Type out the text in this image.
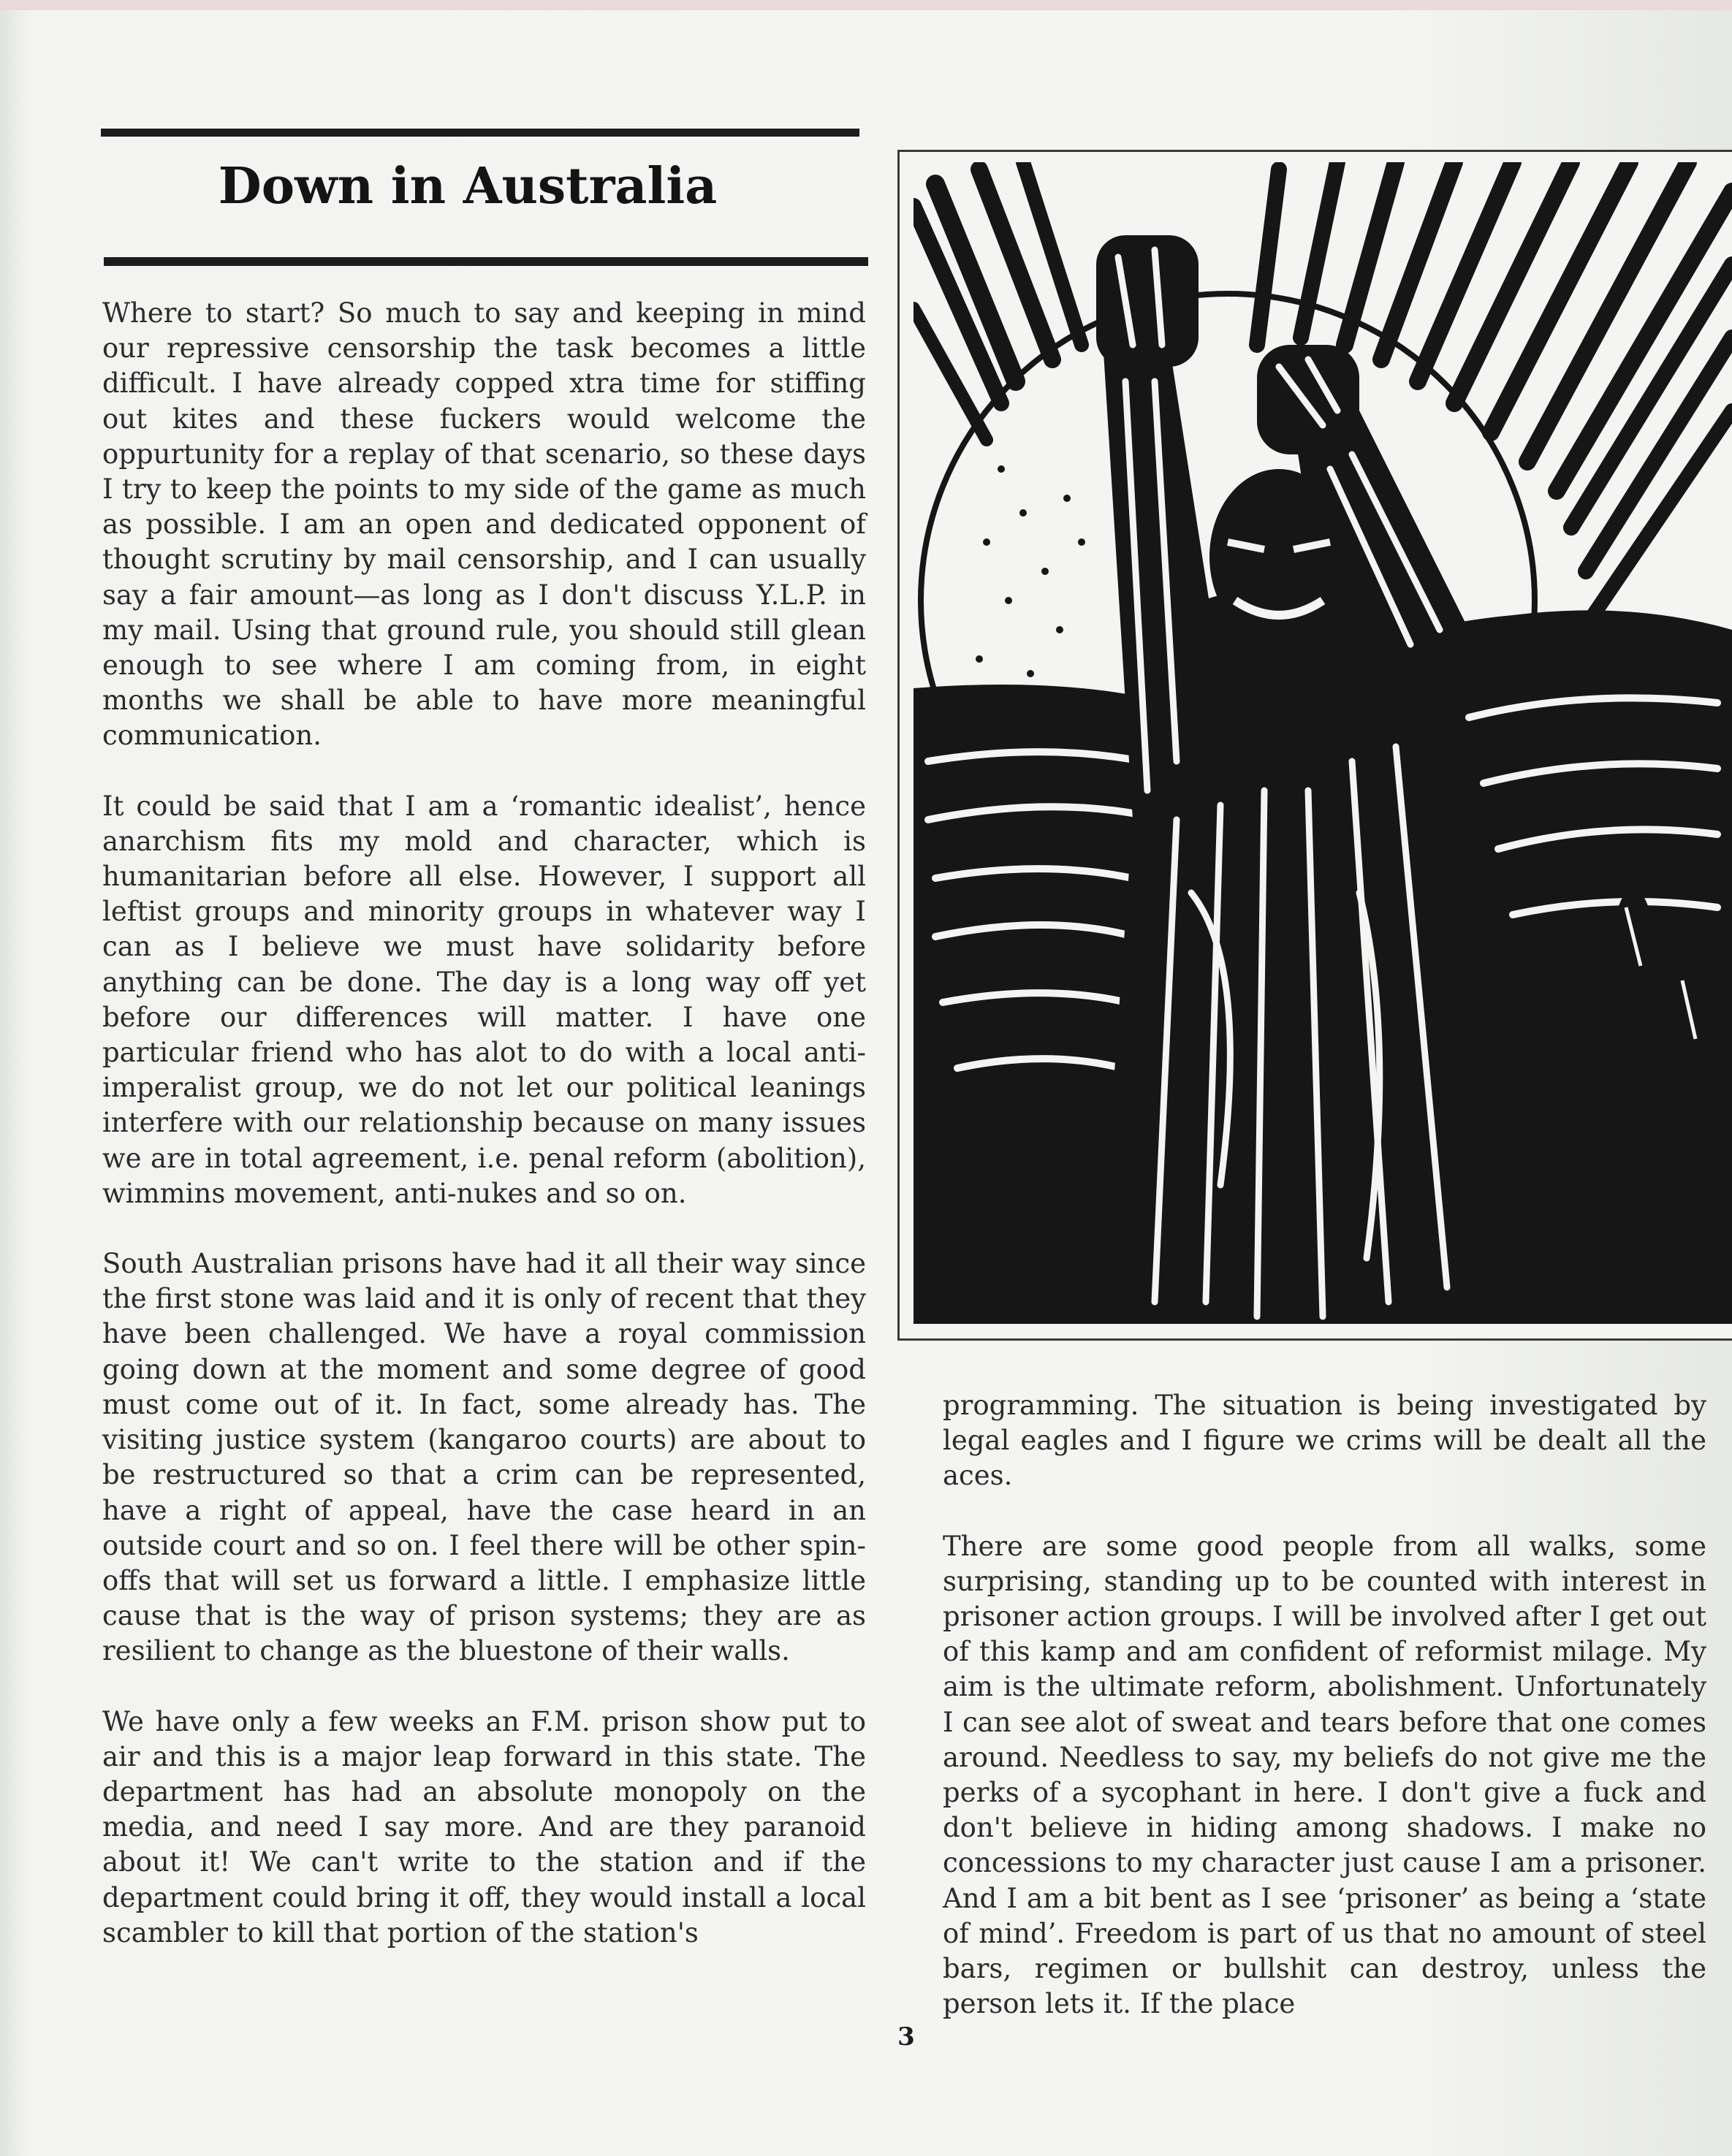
Down in Australia

Where to start? So much to say and keeping in mind our repressive censorship the task becomes a little difficult. I have already copped xtra time for stiffing out kites and these fuckers would welcome the oppurtunity for a replay of that scenario, so these days I try to keep the points to my side of the game as much as possible. I am an open and dedicated opponent of thought scrutiny by mail censorship, and I can usually say a fair amount—as long as I don't discuss Y.L.P. in my mail. Using that ground rule, you should still glean enough to see where I am coming from, in eight months we shall be able to have more meaningful communication.

It could be said that I am a ‘romantic idealist’, hence anarchism fits my mold and character, which is humanitarian before all else. However, I support all leftist groups and minority groups in whatever way I can as I believe we must have solidarity before anything can be done. The day is a long way off yet before our differences will matter. I have one particular friend who has alot to do with a local anti-imperalist group, we do not let our political leanings interfere with our relationship because on many issues we are in total agreement, i.e. penal reform (abolition), wimmins movement, anti-nukes and so on.

South Australian prisons have had it all their way since the first stone was laid and it is only of recent that they have been challenged. We have a royal commission going down at the moment and some degree of good must come out of it. In fact, some already has. The visiting justice system (kangaroo courts) are about to be restructured so that a crim can be represented, have a right of appeal, have the case heard in an outside court and so on. I feel there will be other spin-offs that will set us forward a little. I emphasize little cause that is the way of prison systems; they are as resilient to change as the bluestone of their walls.

We have only a few weeks an F.M. prison show put to air and this is a major leap forward in this state. The department has had an absolute monopoly on the media, and need I say more. And are they paranoid about it! We can't write to the station and if the department could bring it off, they would install a local scambler to kill that portion of the station's

programming. The situation is being investigated by legal eagles and I figure we crims will be dealt all the aces.

There are some good people from all walks, some surprising, standing up to be counted with interest in prisoner action groups. I will be involved after I get out of this kamp and am confident of reformist milage. My aim is the ultimate reform, abolishment. Unfortunately I can see alot of sweat and tears before that one comes around. Needless to say, my beliefs do not give me the perks of a sycophant in here. I don't give a fuck and don't believe in hiding among shadows. I make no concessions to my character just cause I am a prisoner. And I am a bit bent as I see ‘prisoner’ as being a ‘state of mind’. Freedom is part of us that no amount of steel bars, regimen or bullshit can destroy, unless the person lets it. If the place

3
